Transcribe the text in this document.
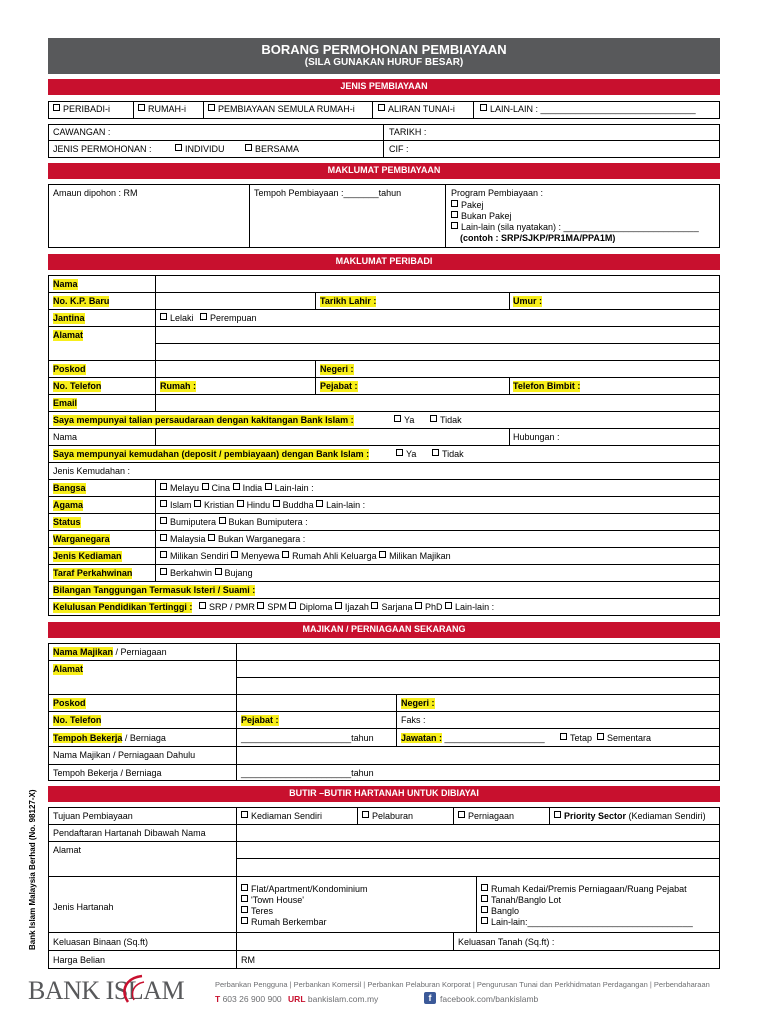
BORANG PERMOHONAN PEMBIAYAAN
(SILA GUNAKAN HURUF BESAR)
JENIS PEMBIAYAAN
PERIBADI-i	RUMAH-i	PEMBIAYAAN SEMULA RUMAH-i	ALIRAN TUNAI-i	LAIN-LAIN : _______________________________
CAWANGAN :	TARIKH :
JENIS PERMOHONAN :	INDIVIDU	BERSAMA	CIF :
MAKLUMAT PEMBIAYAAN
Amaun dipohon : RM	Tempoh Pembiayaan :_______tahun	Program Pembiayaan :
Pakej
Bukan Pakej
Lain-lain (sila nyatakan) : ___________________________
(contoh : SRP/SJKP/PR1MA/PPA1M)
MAKLUMAT PERIBADI
Nama
No. K.P. Baru	Tarikh Lahir :	Umur :
Jantina	Lelaki	Perempuan
Alamat
Poskod	Negeri :
No. Telefon	Rumah :	Pejabat :	Telefon Bimbit :
Email
Saya mempunyai talian persaudaraan dengan kakitangan Bank Islam :	Ya	Tidak
Nama	Hubungan :
Saya mempunyai kemudahan (deposit / pembiayaan) dengan Bank Islam :	Ya	Tidak
Jenis Kemudahan :
Bangsa	Melayu Cina India Lain-lain :
Agama	Islam Kristian Hindu Buddha Lain-lain :
Status	Bumiputera Bukan Bumiputera :
Warganegara	Malaysia Bukan Warganegara :
Jenis Kediaman	Milikan Sendiri Menyewa Rumah Ahli Keluarga Milikan Majikan
Taraf Perkahwinan	Berkahwin Bujang
Bilangan Tanggungan Termasuk Isteri / Suami :
Kelulusan Pendidikan Tertinggi :	SRP / PMR SPM Diploma Ijazah Sarjana PhD Lain-lain :
MAJIKAN / PERNIAGAAN SEKARANG
Nama Majikan / Perniagaan
Alamat
Poskod	Negeri :
No. Telefon	Pejabat :	Faks :
Tempoh Bekerja / Berniaga	______________________tahun	Jawatan : ____________________	Tetap	Sementara
Nama Majikan / Perniagaan Dahulu
Tempoh Bekerja / Berniaga	______________________tahun
BUTIR –BUTIR HARTANAH UNTUK DIBIAYAI
Tujuan Pembiayaan	Kediaman Sendiri	Pelaburan	Perniagaan	Priority Sector (Kediaman Sendiri)
Pendaftaran Hartanah Dibawah Nama
Alamat
Jenis Hartanah
Flat/Apartment/Kondominium
'Town House'
Teres
Rumah Berkembar
Rumah Kedai/Premis Perniagaan/Ruang Pejabat
Tanah/Banglo Lot
Banglo
Lain-lain:_________________________________
Keluasan Binaan (Sq.ft)	Keluasan Tanah (Sq.ft) :
Harga Belian	RM
Bank Islam Malaysia Berhad (No. 98127-X)
BANK ISLAM	Perbankan Pengguna | Perbankan Komersil | Perbankan Pelaburan Korporat | Pengurusan Tunai dan Perkhidmatan Perdagangan | Perbendaharaan
T 603 26 900 900 URL bankislam.com.my	f	facebook.com/bankislamb
